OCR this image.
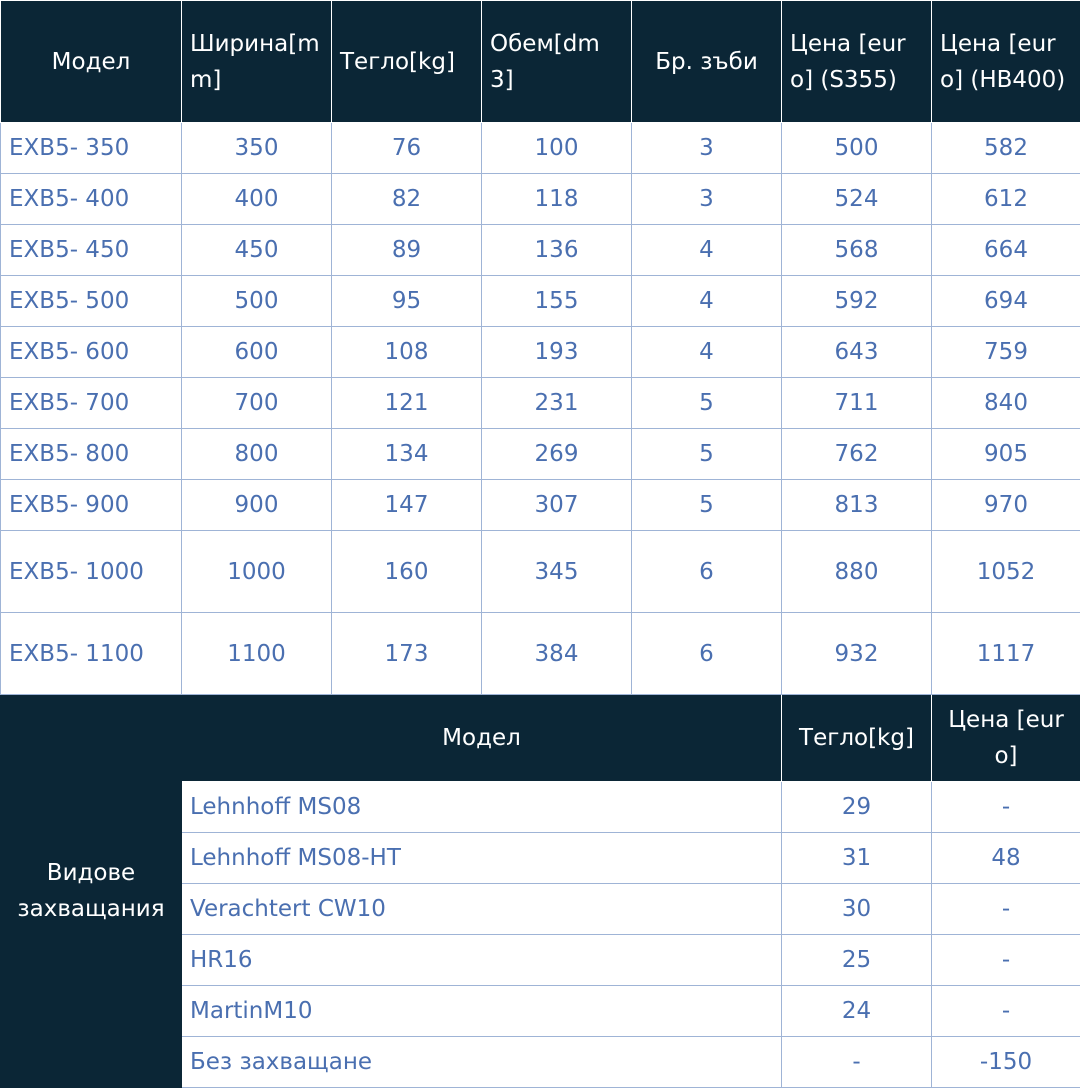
Модел	Ширина[mm]	Тегло[kg]	Обем[dm3]	Бр. зъби	Цена [euro] (S355)	Цена [euro] (HB400)
EXB5- 350	350	76	100	3	500	582
EXB5- 400	400	82	118	3	524	612
EXB5- 450	450	89	136	4	568	664
EXB5- 500	500	95	155	4	592	694
EXB5- 600	600	108	193	4	643	759
EXB5- 700	700	121	231	5	711	840
EXB5- 800	800	134	269	5	762	905
EXB5- 900	900	147	307	5	813	970
EXB5- 1000	1000	160	345	6	880	1052
EXB5- 1100	1100	173	384	6	932	1117
Видове захващания	Модел				Тегло[kg]	Цена [euro]
	Lehnhoff MS08				29	-
	Lehnhoff MS08-HT				31	48
	Verachtert CW10				30	-
	HR16				25	-
	MartinM10				24	-
	Без захващане				-	-150
